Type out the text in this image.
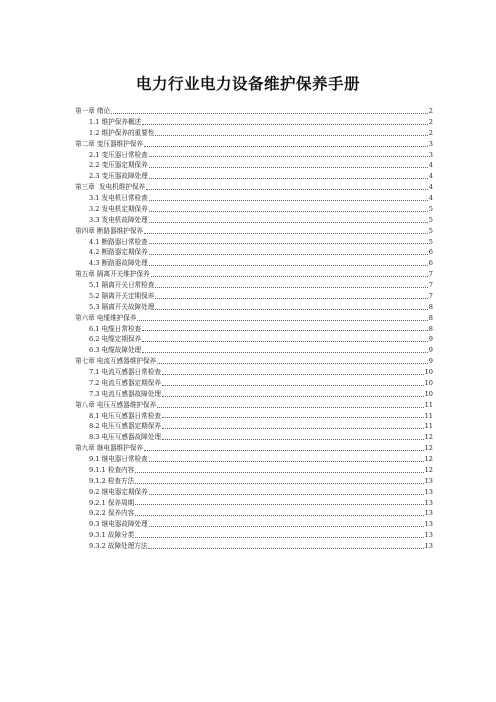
电力行业电力设备维护保养手册
第一章 绪论	2
1.1 维护保养概述	2
1.2 维护保养的重要性	2
第二章 变压器维护保养	3
2.1 变压器日常检查	3
2.2 变压器定期保养	4
2.3 变压器故障处理	4
第三章  发电机维护保养	4
3.1 发电机日常检查	4
3.2 发电机定期保养	5
3.3 发电机故障处理	5
第四章 断路器维护保养	5
4.1 断路器日常检查	5
4.2 断路器定期保养	6
4.3 断路器故障处理	6
第五章 隔离开关维护保养	7
5.1 隔离开关日常检查	7
5.2 隔离开关定期保养	7
5.3 隔离开关故障处理	8
第六章 电缆维护保养	8
6.1 电缆日常检查	8
6.2 电缆定期保养	9
6.3 电缆故障处理	9
第七章 电流互感器维护保养	9
7.1 电流互感器日常检查	10
7.2 电流互感器定期保养	10
7.3 电流互感器故障处理	10
第八章 电压互感器维护保养	11
8.1 电压互感器日常检查	11
8.2 电压互感器定期保养	11
8.3 电压互感器故障处理	12
第九章 继电器维护保养	12
9.1 继电器日常检查	12
9.1.1 检查内容	12
9.1.2 检查方法	13
9.2 继电器定期保养	13
9.2.1 保养周期	13
9.2.2 保养内容	13
9.3 继电器故障处理	13
9.3.1 故障分类	13
9.3.2 故障处理方法	13
